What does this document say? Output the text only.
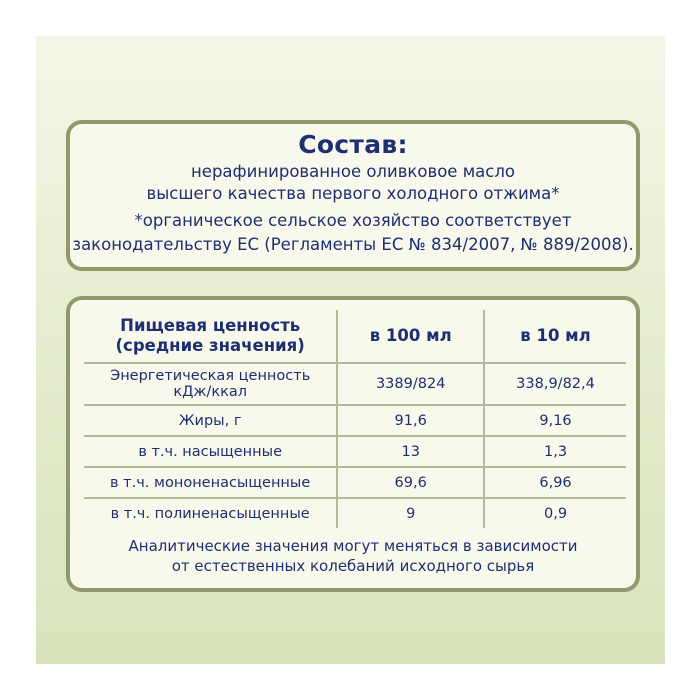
Состав:
нерафинированное оливковое масло
высшего качества первого холодного отжима*
*органическое сельское хозяйство соответствует
законодательству ЕС (Регламенты ЕС № 834/2007, № 889/2008).
Пищевая ценность
(средние значения)	в 100 мл	в 10 мл

Энергетическая ценность
кДж/ккал	3389/824	338,9/82,4
Жиры, г	91,6	9,16
в т.ч. насыщенные	13	1,3
в т.ч. мононенасыщенные	69,6	6,96
в т.ч. полиненасыщенные	9	0,9
Аналитические значения могут меняться в зависимости
от естественных колебаний исходного сырья
